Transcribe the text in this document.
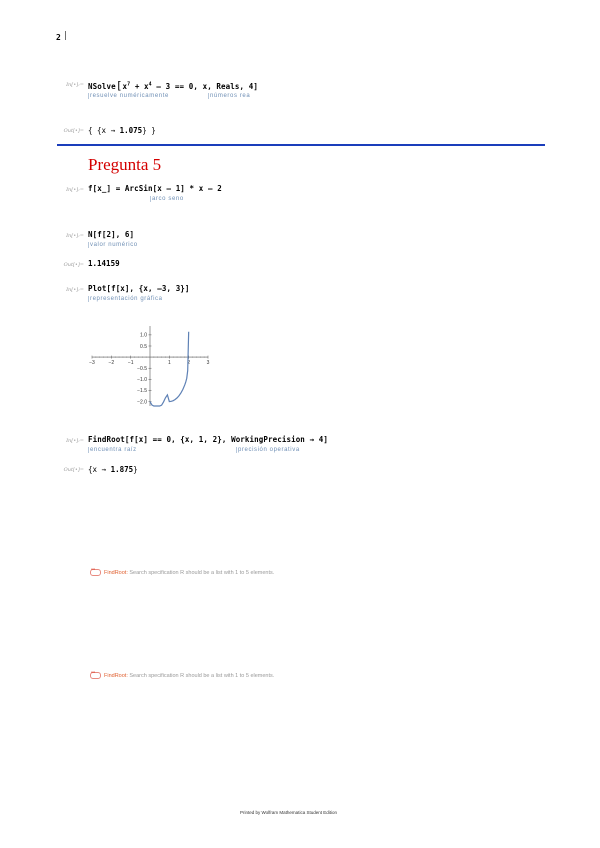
2 |
In[•]:= $NSolve[x^7 + x^4 - 3 == 0$, x, Reals, 4]
resuelve numéricamente	números rea
Out[•]= { {x → 1.075} }
Pregunta 5
In[•]:= f[x_] = ArcSin[x – 1] * x – 2
arco seno
In[•]:= N[f[2], 6]
valor numérico
Out[•]= 1.14159
In[•]:= Plot[f[x], {x, –3, 3}]
representación gráfica
−3	−2	−1	1	2	3
1.0
0.5
−0.5
−1.0
−1.5
−2.0
In[•]:= FindRoot[f[x] == 0, {x, 1, 2}, WorkingPrecision → 4]
encuentra raíz	precisión operativa
Out[•]= {x → 1.875}
•••FindRoot: Search specification R should be a list with 1 to 5 elements.
•••FindRoot: Search specification R should be a list with 1 to 5 elements.
Printed by Wolfram Mathematica Student Edition
